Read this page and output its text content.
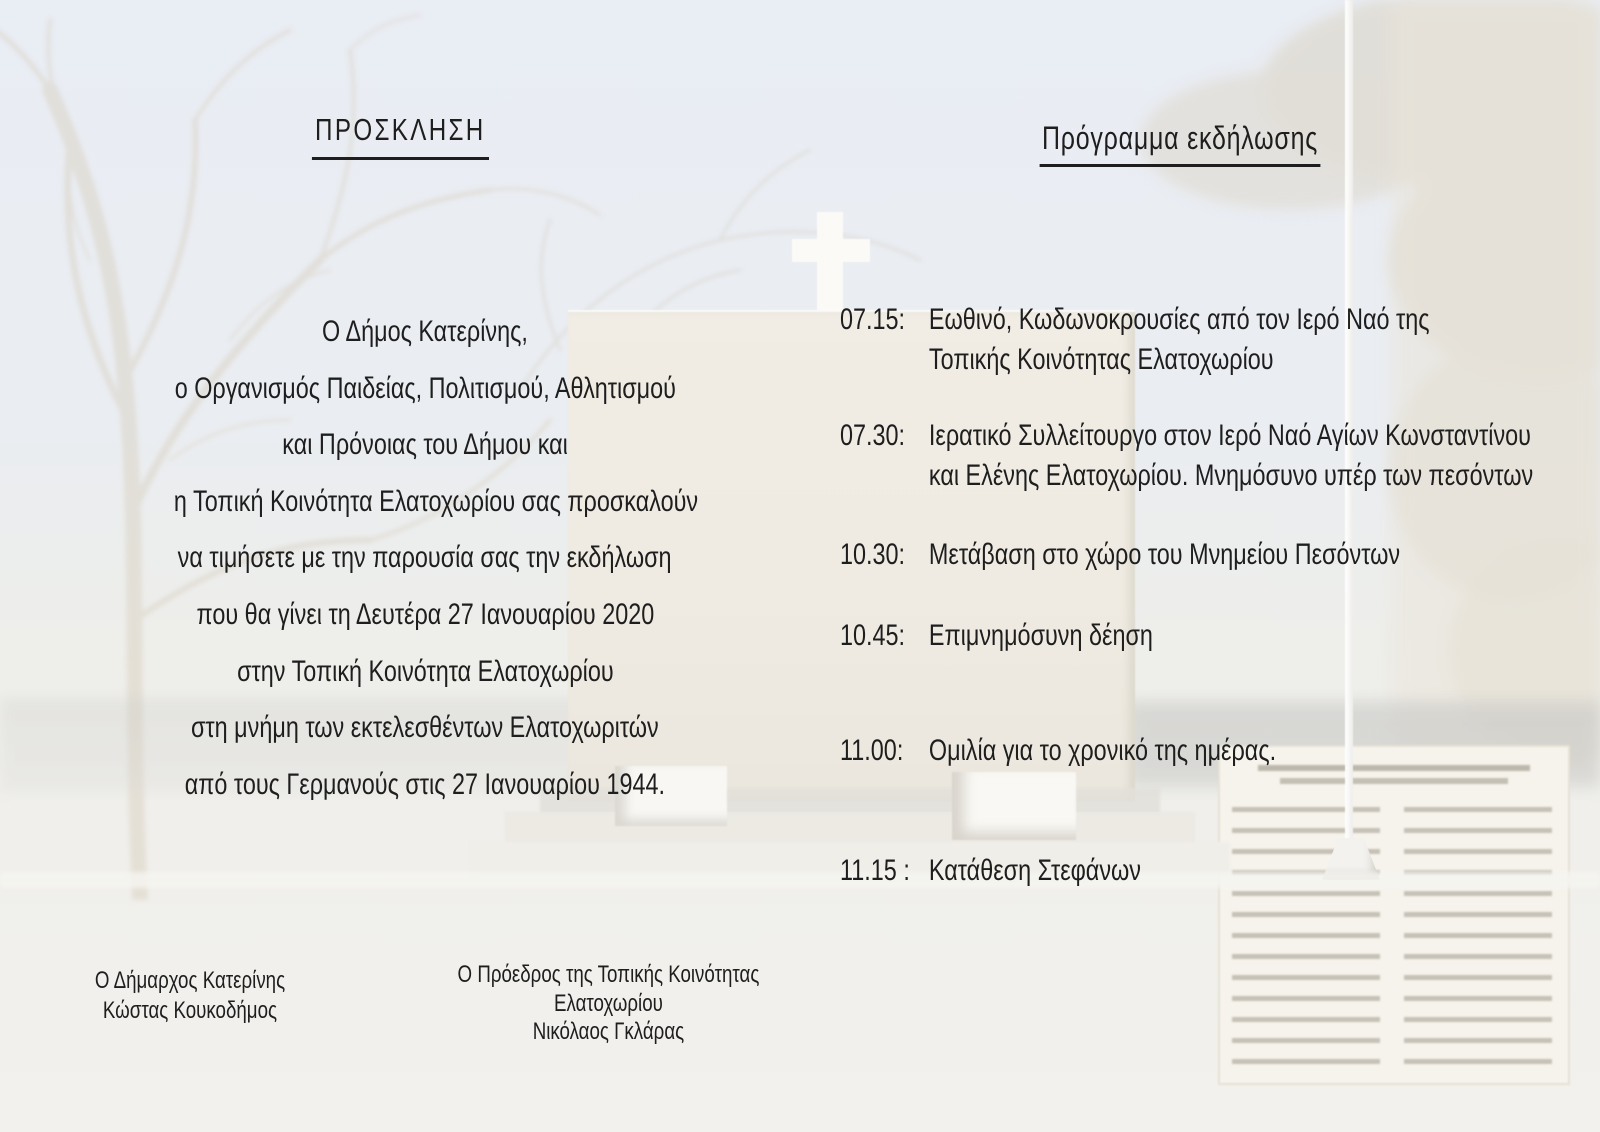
ΠΡΟΣΚΛΗΣΗ
Ο Δήμος Κατερίνης,
ο Οργανισμός Παιδείας, Πολιτισμού, Αθλητισμού
και Πρόνοιας του Δήμου και
η Τοπική Κοινότητα Ελατοχωρίου σας προσκαλούν
να τιμήσετε με την παρουσία σας την εκδήλωση
που θα γίνει τη Δευτέρα 27 Ιανουαρίου 2020
στην Τοπική Κοινότητα Ελατοχωρίου
στη μνήμη των εκτελεσθέντων Ελατοχωριτών
από τους Γερμανούς στις 27 Ιανουαρίου 1944.
Πρόγραμμα εκδήλωσης
07.15: Εωθινό, Κωδωνοκρουσίες από τον Ιερό Ναό της
Τοπικής Κοινότητας Ελατοχωρίου
07.30: Ιερατικό Συλλείτουργο στον Ιερό Ναό Αγίων Κωνσταντίνου
και Ελένης Ελατοχωρίου. Μνημόσυνο υπέρ των πεσόντων
10.30: Μετάβαση στο χώρο του Μνημείου Πεσόντων
10.45: Επιμνημόσυνη δέηση
11.00: Ομιλία για το χρονικό της ημέρας.
11.15 : Κατάθεση Στεφάνων
Ο Δήμαρχος Κατερίνης
Κώστας Κουκοδήμος
Ο Πρόεδρος της Τοπικής Κοινότητας
Ελατοχωρίου
Νικόλαος Γκλάρας
